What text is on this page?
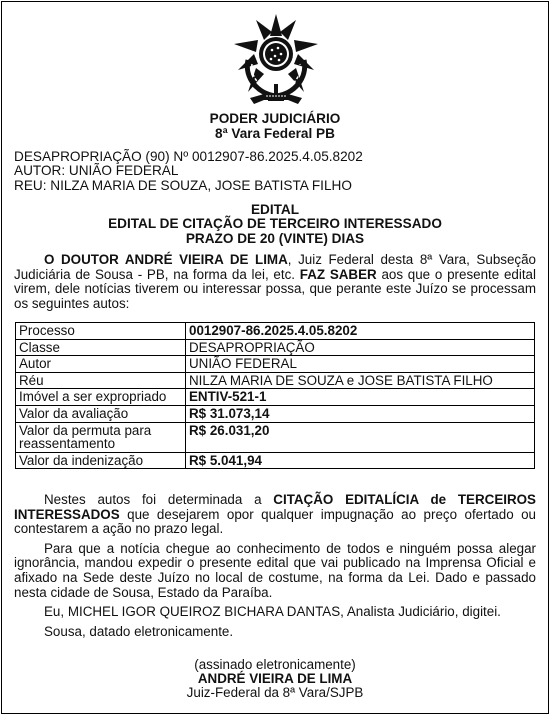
PODER JUDICIÁRIO
8ª Vara Federal PB
DESAPROPRIAÇÃO (90) Nº 0012907-86.2025.4.05.8202
AUTOR: UNIÃO FEDERAL
REU: NILZA MARIA DE SOUZA, JOSE BATISTA FILHO
EDITAL
EDITAL DE CITAÇÃO DE TERCEIRO INTERESSADO
PRAZO DE 20 (VINTE) DIAS

O DOUTOR ANDRÉ VIEIRA DE LIMA, Juiz Federal desta 8ª Vara, Subseção Judiciária de Sousa - PB, na forma da lei, etc. FAZ SABER aos que o presente edital virem, dele notícias tiverem ou interessar possa, que perante este Juízo se processam os seguintes autos:

Processo	0012907-86.2025.4.05.8202
Classe	DESAPROPRIAÇÃO
Autor	UNIÃO FEDERAL
Réu	NILZA MARIA DE SOUZA e JOSE BATISTA FILHO
Imóvel a ser expropriado	ENTIV-521-1
Valor da avaliação	R$ 31.073,14
Valor da permuta para reassentamento	R$ 26.031,20
Valor da indenização	R$ 5.041,94

Nestes autos foi determinada a CITAÇÃO EDITALÍCIA de TERCEIROS INTERESSADOS que desejarem opor qualquer impugnação ao preço ofertado ou contestarem a ação no prazo legal.

Para que a notícia chegue ao conhecimento de todos e ninguém possa alegar ignorância, mandou expedir o presente edital que vai publicado na Imprensa Oficial e afixado na Sede deste Juízo no local de costume, na forma da Lei. Dado e passado nesta cidade de Sousa, Estado da Paraíba.

Eu, MICHEL IGOR QUEIROZ BICHARA DANTAS, Analista Judiciário, digitei.

Sousa, datado eletronicamente.

(assinado eletronicamente)
ANDRÉ VIEIRA DE LIMA
Juiz-Federal da 8ª Vara/SJPB
